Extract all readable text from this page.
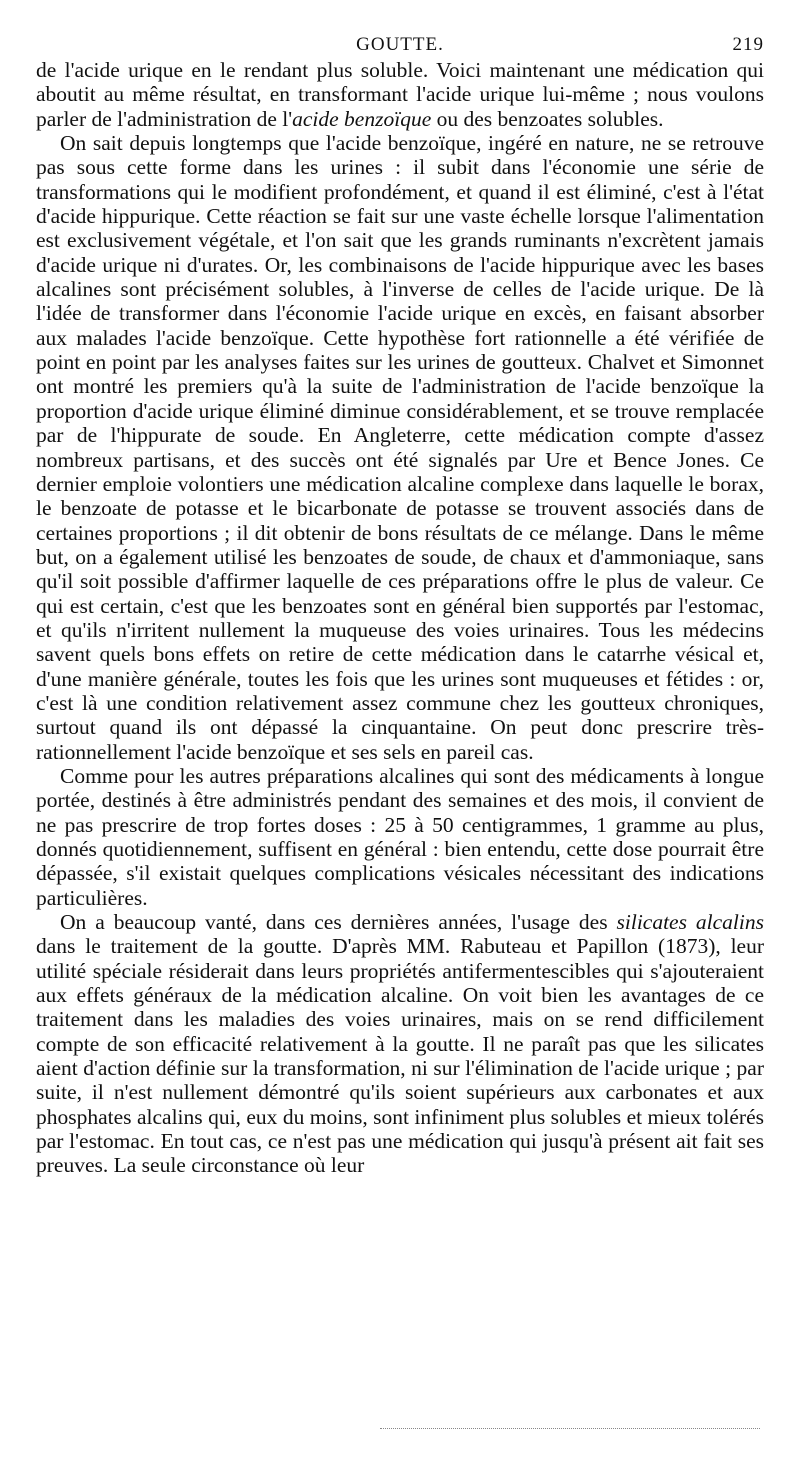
GOUTTE.	219

de l'acide urique en le rendant plus soluble. Voici maintenant une médication qui aboutit au même résultat, en transformant l'acide urique lui-même ; nous voulons parler de l'administration de l'acide benzoïque ou des benzoates solubles.

On sait depuis longtemps que l'acide benzoïque, ingéré en nature, ne se retrouve pas sous cette forme dans les urines : il subit dans l'économie une série de transformations qui le modifient profondément, et quand il est éliminé, c'est à l'état d'acide hippurique. Cette réaction se fait sur une vaste échelle lorsque l'alimentation est exclusivement végétale, et l'on sait que les grands ruminants n'excrètent jamais d'acide urique ni d'urates. Or, les combinaisons de l'acide hippurique avec les bases alcalines sont précisément solubles, à l'inverse de celles de l'acide urique. De là l'idée de transformer dans l'économie l'acide urique en excès, en faisant absorber aux malades l'acide benzoïque. Cette hypothèse fort rationnelle a été vérifiée de point en point par les analyses faites sur les urines de goutteux. Chalvet et Simonnet ont montré les premiers qu'à la suite de l'administration de l'acide benzoïque la proportion d'acide urique éliminé diminue considérablement, et se trouve remplacée par de l'hippurate de soude. En Angleterre, cette médication compte d'assez nombreux partisans, et des succès ont été signalés par Ure et Bence Jones. Ce dernier emploie volontiers une médication alcaline complexe dans laquelle le borax, le benzoate de potasse et le bicarbonate de potasse se trouvent associés dans de certaines proportions ; il dit obtenir de bons résultats de ce mélange. Dans le même but, on a également utilisé les benzoates de soude, de chaux et d'ammoniaque, sans qu'il soit possible d'affirmer laquelle de ces préparations offre le plus de valeur. Ce qui est certain, c'est que les benzoates sont en général bien supportés par l'estomac, et qu'ils n'irritent nullement la muqueuse des voies urinaires. Tous les médecins savent quels bons effets on retire de cette médication dans le catarrhe vésical et, d'une manière générale, toutes les fois que les urines sont muqueuses et fétides : or, c'est là une condition relativement assez commune chez les goutteux chroniques, surtout quand ils ont dépassé la cinquantaine. On peut donc prescrire très-rationnellement l'acide benzoïque et ses sels en pareil cas.

Comme pour les autres préparations alcalines qui sont des médicaments à longue portée, destinés à être administrés pendant des semaines et des mois, il convient de ne pas prescrire de trop fortes doses : 25 à 50 centigrammes, 1 gramme au plus, donnés quotidiennement, suffisent en général : bien entendu, cette dose pourrait être dépassée, s'il existait quelques complications vésicales nécessitant des indications particulières.

On a beaucoup vanté, dans ces dernières années, l'usage des silicates alcalins dans le traitement de la goutte. D'après MM. Rabuteau et Papillon (1873), leur utilité spéciale résiderait dans leurs propriétés antifermentescibles qui s'ajouteraient aux effets généraux de la médication alcaline. On voit bien les avantages de ce traitement dans les maladies des voies urinaires, mais on se rend difficilement compte de son efficacité relativement à la goutte. Il ne paraît pas que les silicates aient d'action définie sur la transformation, ni sur l'élimination de l'acide urique ; par suite, il n'est nullement démontré qu'ils soient supérieurs aux carbonates et aux phosphates alcalins qui, eux du moins, sont infiniment plus solubles et mieux tolérés par l'estomac. En tout cas, ce n'est pas une médication qui jusqu'à présent ait fait ses preuves. La seule circonstance où leur
